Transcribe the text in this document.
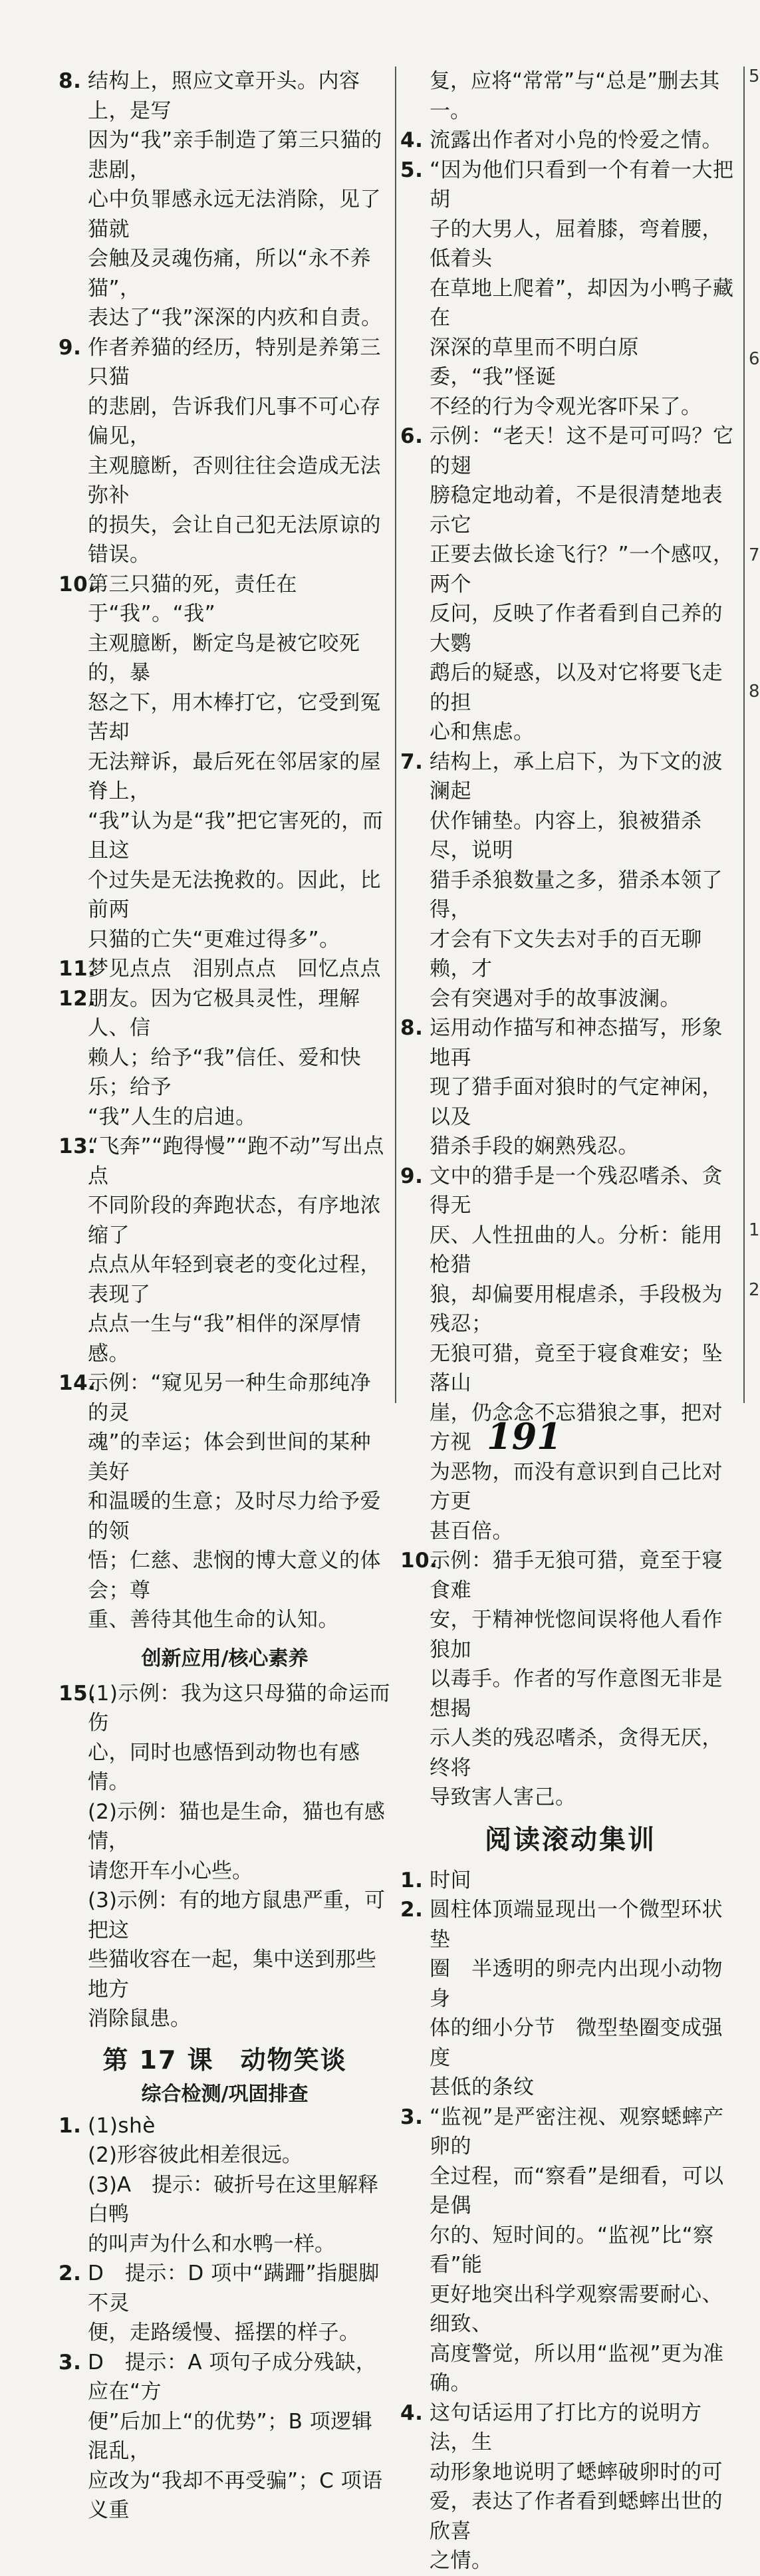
8. 结构上，照应文章开头。内容上，是写
因为“我”亲手制造了第三只猫的悲剧，
心中负罪感永远无法消除，见了猫就
会触及灵魂伤痛，所以“永不养猫”，
表达了“我”深深的内疚和自责。
9. 作者养猫的经历，特别是养第三只猫
的悲剧，告诉我们凡事不可心存偏见，
主观臆断，否则往往会造成无法弥补
的损失，会让自己犯无法原谅的错误。
10.
第三只猫的死，责任在于“我”。“我”
主观臆断，断定鸟是被它咬死的，暴
怒之下，用木棒打它，它受到冤苦却
无法辩诉，最后死在邻居家的屋脊上，
“我”认为是“我”把它害死的，而且这
个过失是无法挽救的。因此，比前两
只猫的亡失“更难过得多”。
11.
梦见点点　泪别点点　回忆点点
12.
朋友。因为它极具灵性，理解人、信
赖人；给予“我”信任、爱和快乐；给予
“我”人生的启迪。
13.
“飞奔”“跑得慢”“跑不动”写出点点
不同阶段的奔跑状态，有序地浓缩了
点点从年轻到衰老的变化过程，表现了
点点一生与“我”相伴的深厚情感。
14.
示例：“窥见另一种生命那纯净的灵
魂”的幸运；体会到世间的某种美好
和温暖的生意；及时尽力给予爱的领
悟；仁慈、悲悯的博大意义的体会；尊
重、善待其他生命的认知。
创新应用/核心素养
15.
(1)示例：我为这只母猫的命运而伤
心，同时也感悟到动物也有感情。
(2)示例：猫也是生命，猫也有感情，
请您开车小心些。
(3)示例：有的地方鼠患严重，可把这
些猫收容在一起，集中送到那些地方
消除鼠患。
第 17 课　动物笑谈
综合检测/巩固排查
1. (1)shè
(2)形容彼此相差很远。
(3)A　提示：破折号在这里解释白鸭
的叫声为什么和水鸭一样。
2. D　提示：D 项中“蹒跚”指腿脚不灵
便，走路缓慢、摇摆的样子。
3. D　提示：A 项句子成分残缺，应在“方
便”后加上“的优势”；B 项逻辑混乱，
应改为“我却不再受骗”；C 项语义重
复，应将“常常”与“总是”删去其一。
4. 流露出作者对小凫的怜爱之情。
5. “因为他们只看到一个有着一大把胡
子的大男人，屈着膝，弯着腰，低着头
在草地上爬着”，却因为小鸭子藏在
深深的草里而不明白原委，“我”怪诞
不经的行为令观光客吓呆了。
6. 示例：“老天！这不是可可吗？它的翅
膀稳定地动着，不是很清楚地表示它
正要去做长途飞行？”一个感叹，两个
反问，反映了作者看到自己养的大鹦
鹉后的疑惑，以及对它将要飞走的担
心和焦虑。
7. 结构上，承上启下，为下文的波澜起
伏作铺垫。内容上，狼被猎杀尽，说明
猎手杀狼数量之多，猎杀本领了得，
才会有下文失去对手的百无聊赖，才
会有突遇对手的故事波澜。
8. 运用动作描写和神态描写，形象地再
现了猎手面对狼时的气定神闲，以及
猎杀手段的娴熟残忍。
9. 文中的猎手是一个残忍嗜杀、贪得无
厌、人性扭曲的人。分析：能用枪猎
狼，却偏要用棍虐杀，手段极为残忍；
无狼可猎，竟至于寝食难安；坠落山
崖，仍念念不忘猎狼之事，把对方视
为恶物，而没有意识到自己比对方更
甚百倍。
10.
示例：猎手无狼可猎，竟至于寝食难
安，于精神恍惚间误将他人看作狼加
以毒手。作者的写作意图无非是想揭
示人类的残忍嗜杀，贪得无厌，终将
导致害人害己。
阅读滚动集训
1. 时间
2. 圆柱体顶端显现出一个微型环状垫
圈　半透明的卵壳内出现小动物身
体的细小分节　微型垫圈变成强度
甚低的条纹
3. “监视”是严密注视、观察蟋蟀产卵的
全过程，而“察看”是细看，可以是偶
尔的、短时间的。“监视”比“察看”能
更好地突出科学观察需要耐心、细致、
高度警觉，所以用“监视”更为准确。
4. 这句话运用了打比方的说明方法，生
动形象地说明了蟋蟀破卵时的可
爱，表达了作者看到蟋蟀出世的欣喜
之情。
191
5
6
7
8
1
2
